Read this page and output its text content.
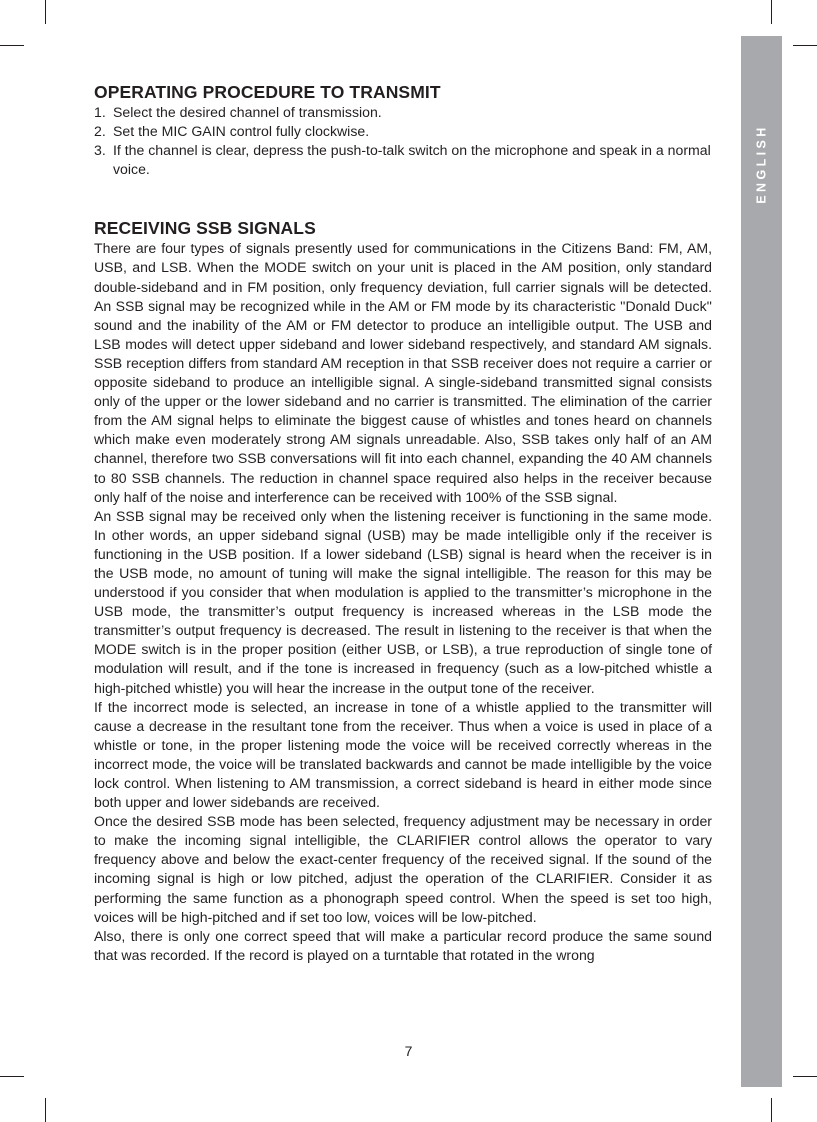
ENGLISH
OPERATING PROCEDURE TO TRANSMIT
1. Select the desired channel of transmission.
2. Set the MIC GAIN control fully clockwise.
3. If the channel is clear, depress the push-to-talk switch on the microphone and speak in a normal voice.
RECEIVING SSB SIGNALS

There are four types of signals presently used for communications in the Citizens Band: FM, AM, USB, and LSB. When the MODE switch on your unit is placed in the AM position, only standard double-sideband and in FM position, only frequency deviation, full carrier signals will be detected. An SSB signal may be recognized while in the AM or FM mode by its characteristic ''Donald Duck'' sound and the inability of the AM or FM detector to produce an intelligible output. The USB and LSB modes will detect upper sideband and lower sideband respectively, and standard AM signals. SSB reception differs from standard AM reception in that SSB receiver does not require a carrier or opposite sideband to produce an intelligible signal. A single-sideband transmitted signal consists only of the upper or the lower sideband and no carrier is transmitted. The elimination of the carrier from the AM signal helps to eliminate the biggest cause of whistles and tones heard on channels which make even moderately strong AM signals unreadable. Also, SSB takes only half of an AM channel, therefore two SSB conversations will fit into each channel, expanding the 40 AM channels to 80 SSB channels. The reduction in channel space required also helps in the receiver because only half of the noise and interference can be received with 100% of the SSB signal.

An SSB signal may be received only when the listening receiver is functioning in the same mode. In other words, an upper sideband signal (USB) may be made intelligible only if the receiver is functioning in the USB position. If a lower sideband (LSB) signal is heard when the receiver is in the USB mode, no amount of tuning will make the signal intelligible. The reason for this may be understood if you consider that when modulation is applied to the transmitter’s microphone in the USB mode, the transmitter’s output frequency is increased whereas in the LSB mode the transmitter’s output frequency is decreased. The result in listening to the receiver is that when the MODE switch is in the proper position (either USB, or LSB), a true reproduction of single tone of modulation will result, and if the tone is increased in frequency (such as a low-pitched whistle a high-pitched whistle) you will hear the increase in the output tone of the receiver.

If the incorrect mode is selected, an increase in tone of a whistle applied to the transmitter will cause a decrease in the resultant tone from the receiver. Thus when a voice is used in place of a whistle or tone, in the proper listening mode the voice will be received correctly whereas in the incorrect mode, the voice will be translated backwards and cannot be made intelligible by the voice lock control. When listening to AM transmission, a correct sideband is heard in either mode since both upper and lower sidebands are received.

Once the desired SSB mode has been selected, frequency adjustment may be necessary in order to make the incoming signal intelligible, the CLARIFIER control allows the operator to vary frequency above and below the exact-center frequency of the received signal. If the sound of the incoming signal is high or low pitched, adjust the operation of the CLARIFIER. Consider it as performing the same function as a phonograph speed control. When the speed is set too high, voices will be high-pitched and if set too low, voices will be low-pitched.

Also, there is only one correct speed that will make a particular record produce the same sound that was recorded. If the record is played on a turntable that rotated in the wrong

7
